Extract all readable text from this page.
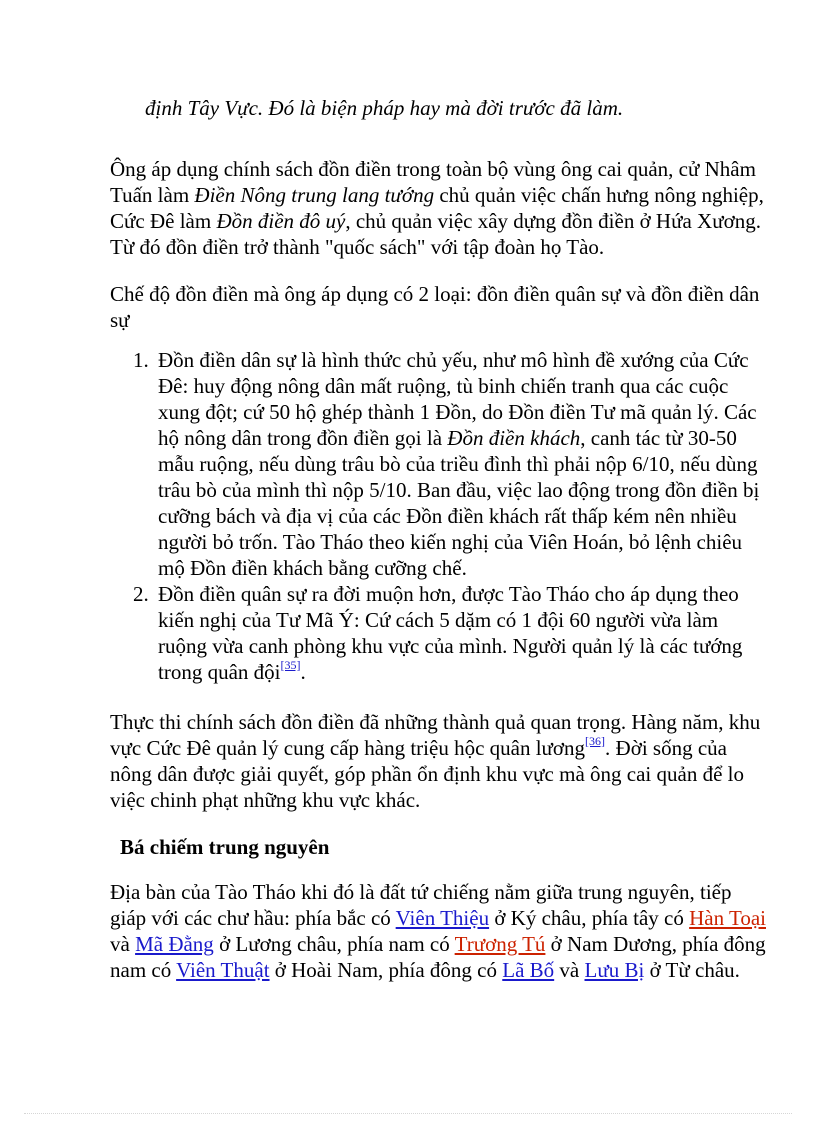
định Tây Vực. Đó là biện pháp hay mà đời trước đã làm.

Ông áp dụng chính sách đồn điền trong toàn bộ vùng ông cai quản, cử Nhâm Tuấn làm Điền Nông trung lang tướng chủ quản việc chấn hưng nông nghiệp, Cức Đê làm Đồn điền đô uý, chủ quản việc xây dựng đồn điền ở Hứa Xương. Từ đó đồn điền trở thành "quốc sách" với tập đoàn họ Tào.

Chế độ đồn điền mà ông áp dụng có 2 loại: đồn điền quân sự và đồn điền dân sự

1. Đồn điền dân sự là hình thức chủ yếu, như mô hình đề xướng của Cức Đê: huy động nông dân mất ruộng, tù binh chiến tranh qua các cuộc xung đột; cứ 50 hộ ghép thành 1 Đồn, do Đồn điền Tư mã quản lý. Các hộ nông dân trong đồn điền gọi là Đồn điền khách, canh tác từ 30-50 mẫu ruộng, nếu dùng trâu bò của triều đình thì phải nộp 6/10, nếu dùng trâu bò của mình thì nộp 5/10. Ban đầu, việc lao động trong đồn điền bị cưỡng bách và địa vị của các Đồn điền khách rất thấp kém nên nhiều người bỏ trốn. Tào Tháo theo kiến nghị của Viên Hoán, bỏ lệnh chiêu mộ Đồn điền khách bằng cưỡng chế.
2. Đồn điền quân sự ra đời muộn hơn, được Tào Tháo cho áp dụng theo kiến nghị của Tư Mã Ý: Cứ cách 5 dặm có 1 đội 60 người vừa làm ruộng vừa canh phòng khu vực của mình. Người quản lý là các tướng trong quân đội[35].

Thực thi chính sách đồn điền đã những thành quả quan trọng. Hàng năm, khu vực Cức Đê quản lý cung cấp hàng triệu hộc quân lương[36]. Đời sống của nông dân được giải quyết, góp phần ổn định khu vực mà ông cai quản để lo việc chinh phạt những khu vực khác.

Bá chiếm trung nguyên

Địa bàn của Tào Tháo khi đó là đất tứ chiếng nằm giữa trung nguyên, tiếp giáp với các chư hầu: phía bắc có Viên Thiệu ở Ký châu, phía tây có Hàn Toại và Mã Đằng ở Lương châu, phía nam có Trương Tú ở Nam Dương, phía đông nam có Viên Thuật ở Hoài Nam, phía đông có Lã Bố và Lưu Bị ở Từ châu.
